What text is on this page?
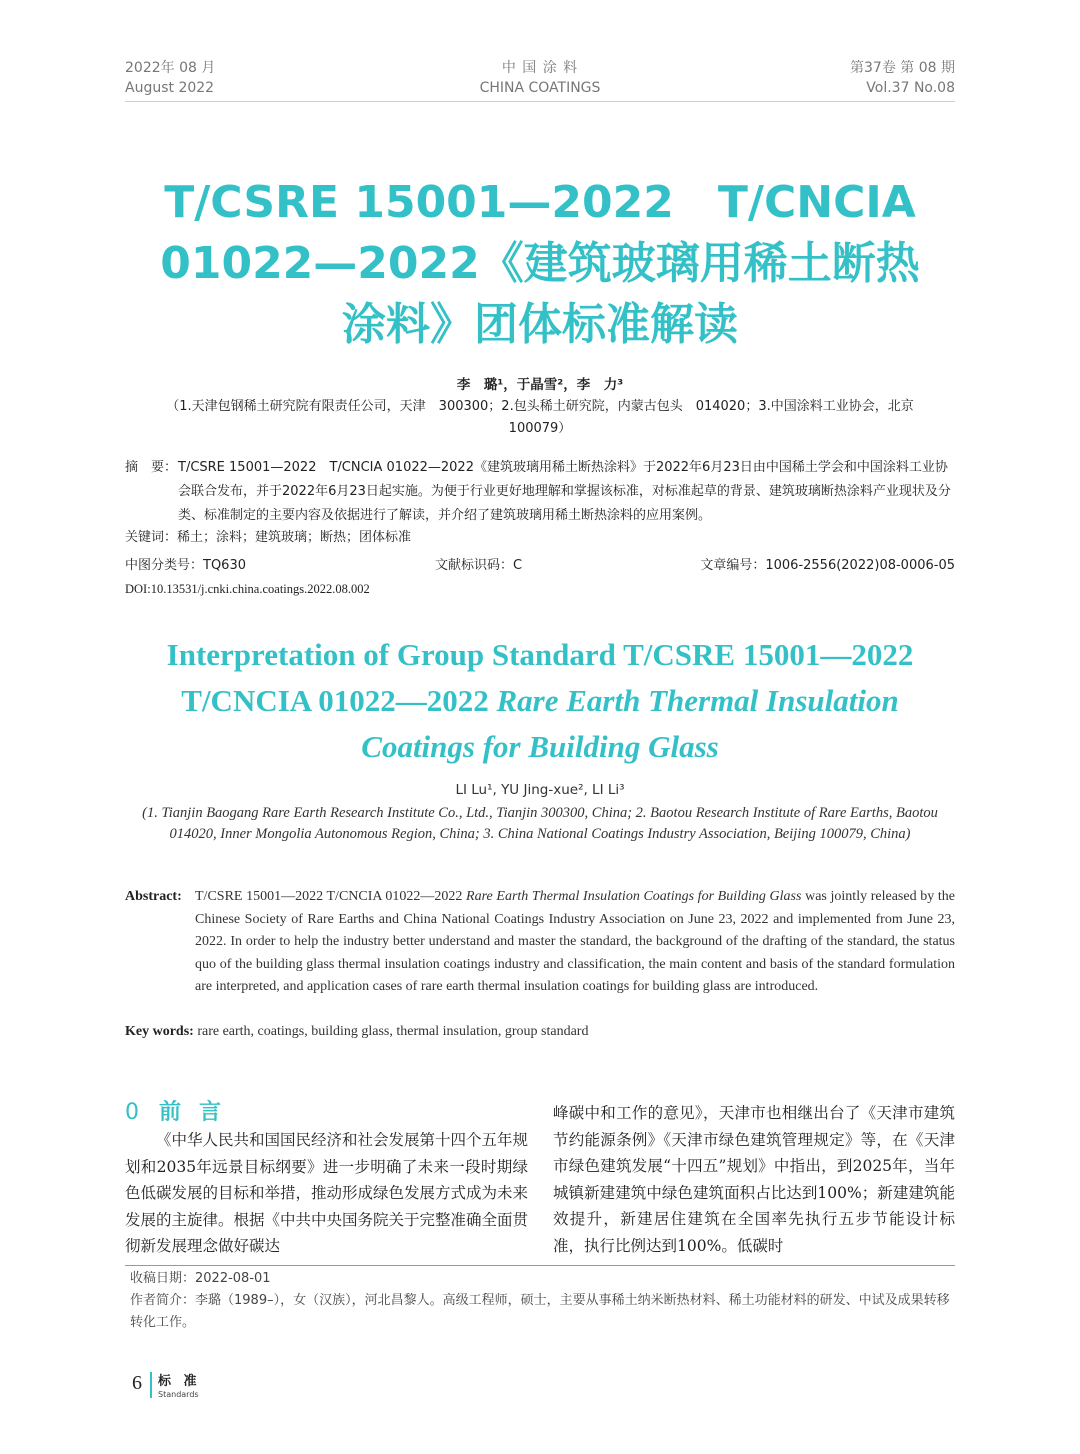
2022年 08 月
August 2022
中 国 涂 料
CHINA COATINGS
第37卷 第 08 期
Vol.37 No.08
T/CSRE 15001—2022　T/CNCIA
01022—2022《建筑玻璃用稀土断热
涂料》团体标准解读
李　璐¹，于晶雪²，李　力³
（1.天津包钢稀土研究院有限责任公司，天津　300300；2.包头稀土研究院，内蒙古包头　014020；3.中国涂料工业协会，北京
100079）
摘　要： T/CSRE 15001—2022　T/CNCIA 01022—2022《建筑玻璃用稀土断热涂料》于2022年6月23日由中国稀土学会和中国涂料工业协会联合发布，并于2022年6月23日起实施。为便于行业更好地理解和掌握该标准，对标准起草的背景、建筑玻璃断热涂料产业现状及分类、标准制定的主要内容及依据进行了解读，并介绍了建筑玻璃用稀土断热涂料的应用案例。
关键词：稀土；涂料；建筑玻璃；断热；团体标准
中图分类号：TQ630	文献标识码：C	文章编号：1006-2556(2022)08-0006-05
DOI:10.13531/j.cnki.china.coatings.2022.08.002
Interpretation of Group Standard T/CSRE 15001—2022
T/CNCIA 01022—2022 Rare Earth Thermal Insulation
Coatings for Building Glass
LI Lu¹, YU Jing-xue², LI Li³
(1. Tianjin Baogang Rare Earth Research Institute Co., Ltd., Tianjin 300300, China; 2. Baotou Research Institute of Rare Earths, Baotou 014020, Inner Mongolia Autonomous Region, China; 3. China National Coatings Industry Association, Beijing 100079, China)
Abstract: T/CSRE 15001—2022 T/CNCIA 01022—2022 Rare Earth Thermal Insulation Coatings for Building Glass was jointly released by the Chinese Society of Rare Earths and China National Coatings Industry Association on June 23, 2022 and implemented from June 23, 2022. In order to help the industry better understand and master the standard, the background of the drafting of the standard, the status quo of the building glass thermal insulation coatings industry and classification, the main content and basis of the standard formulation are interpreted, and application cases of rare earth thermal insulation coatings for building glass are introduced.
Key words: rare earth, coatings, building glass, thermal insulation, group standard
0 前言

《中华人民共和国国民经济和社会发展第十四个五年规划和2035年远景目标纲要》进一步明确了未来一段时期绿色低碳发展的目标和举措，推动形成绿色发展方式成为未来发展的主旋律。根据《中共中央国务院关于完整准确全面贯彻新发展理念做好碳达

峰碳中和工作的意见》，天津市也相继出台了《天津市建筑节约能源条例》《天津市绿色建筑管理规定》等，在《天津市绿色建筑发展“十四五”规划》中指出，到2025年，当年城镇新建建筑中绿色建筑面积占比达到100%；新建建筑能效提升，新建居住建筑在全国率先执行五步节能设计标准，执行比例达到100%。低碳时

收稿日期：2022-08-01
作者简介：李璐（1989–），女（汉族），河北昌黎人。高级工程师，硕士，主要从事稀土纳米断热材料、稀土功能材料的研发、中试及成果转移转化工作。
6 标 准
Standards
